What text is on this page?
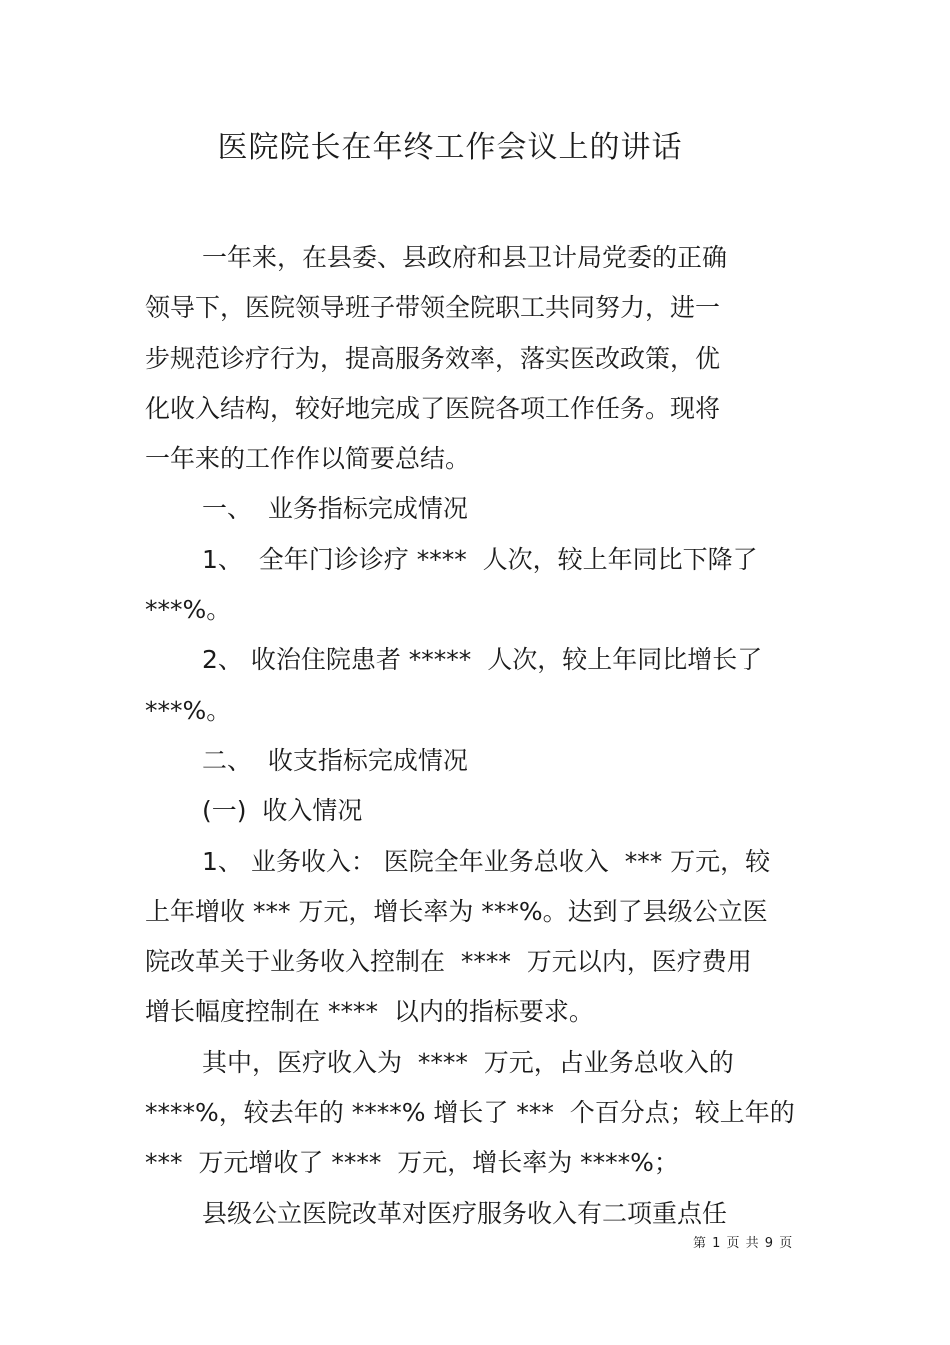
医院院长在年终工作会议上的讲话
一年来，在县委、县政府和县卫计局党委的正确
领导下，医院领导班子带领全院职工共同努力，进一
步规范诊疗行为，提高服务效率，落实医改政策，优
化收入结构，较好地完成了医院各项工作任务。现将
一年来的工作作以简要总结。
一、  业务指标完成情况
1、  全年门诊诊疗 ****  人次，较上年同比下降了
***%。
2、 收治住院患者 *****  人次，较上年同比增长了
***%。
二、  收支指标完成情况
(一)  收入情况
1、 业务收入： 医院全年业务总收入  *** 万元，较
上年增收 *** 万元，增长率为 ***%。达到了县级公立医
院改革关于业务收入控制在  ****  万元以内，医疗费用
增长幅度控制在 ****  以内的指标要求。
其中，医疗收入为  ****  万元，占业务总收入的
****%，较去年的 ****% 增长了 ***  个百分点；较上年的
***  万元增收了 ****  万元，增长率为 ****%；
县级公立医院改革对医疗服务收入有二项重点任
第 1 页 共 9 页
